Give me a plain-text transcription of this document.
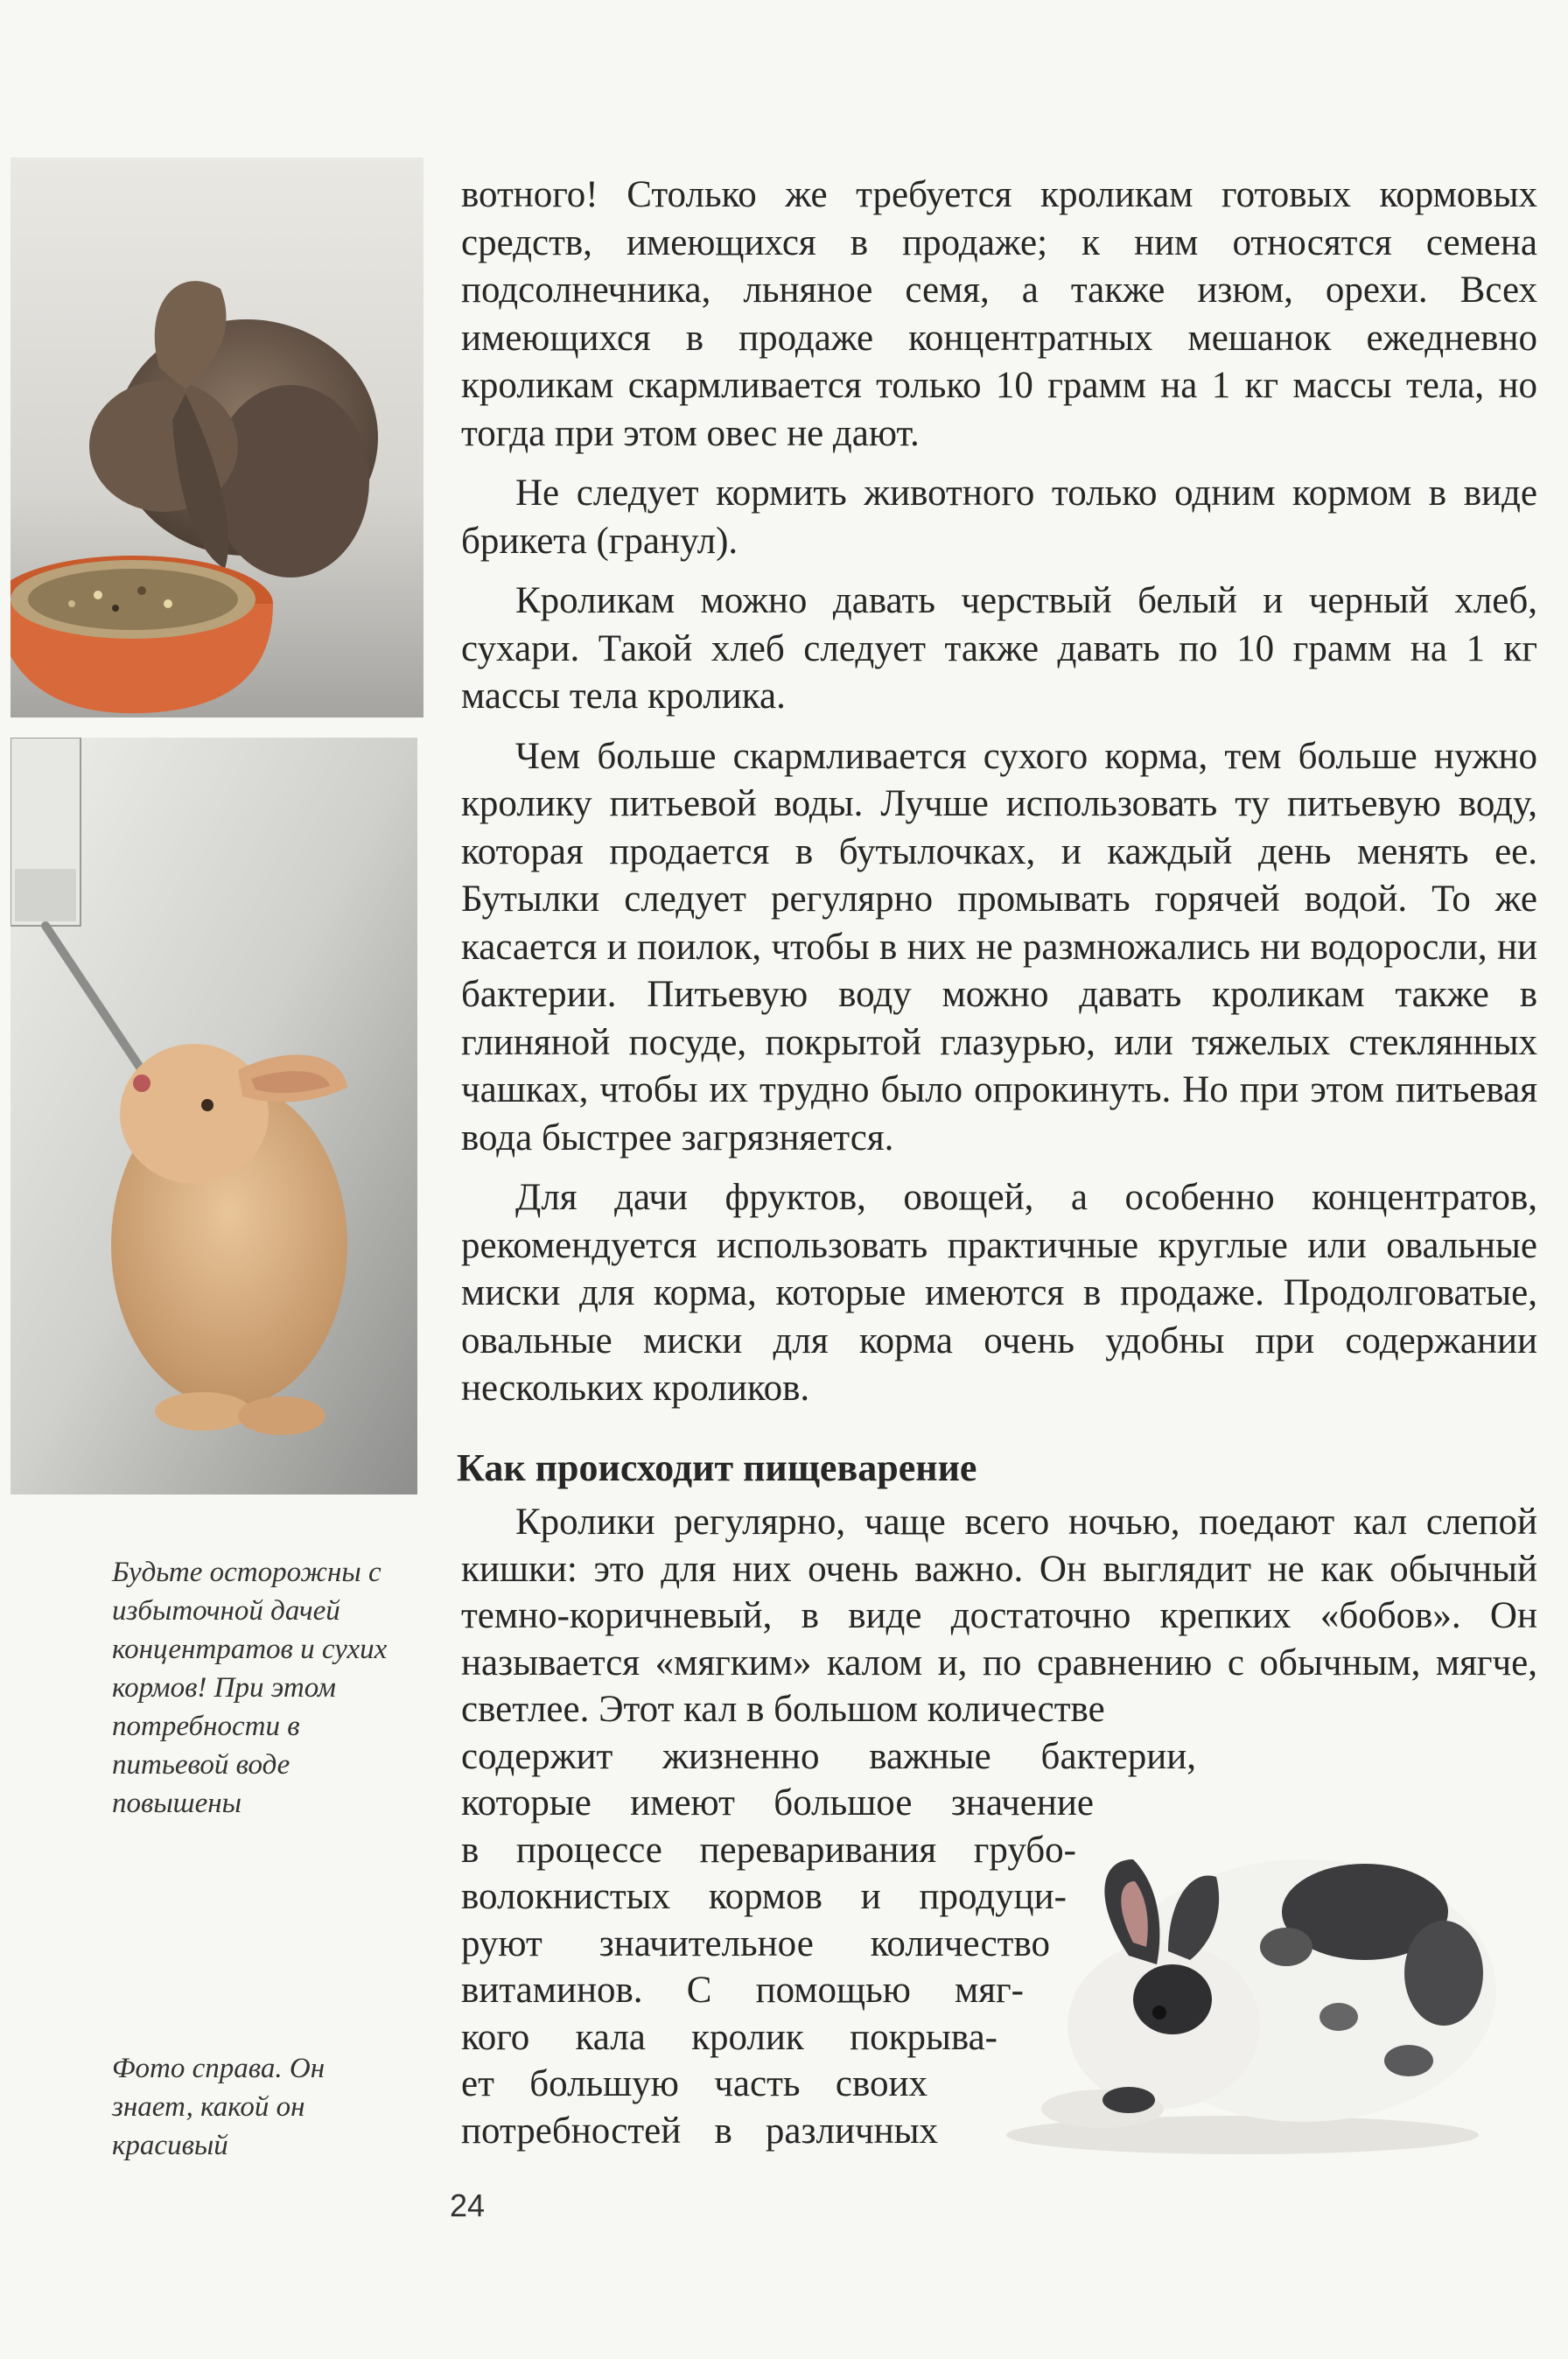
вотного! Столько же требуется кроликам готовых кормовых средств, имеющихся в продаже; к ним относятся семена подсолнечника, льняное семя, а также изюм, орехи. Всех имеющихся в продаже концентратных мешанок ежедневно кроликам скармливается только 10 грамм на 1 кг массы тела, но тогда при этом овес не дают.

Не следует кормить животного только одним кормом в виде брикета (гранул).

Кроликам можно давать черствый белый и черный хлеб, сухари. Такой хлеб следует также давать по 10 грамм на 1 кг массы тела кролика.

Чем больше скармливается сухого корма, тем больше нужно кролику питьевой воды. Лучше использовать ту питьевую воду, которая продается в бутылочках, и каждый день менять ее. Бутылки следует регулярно промывать горячей водой. То же касается и поилок, чтобы в них не размножались ни водоросли, ни бактерии. Питьевую воду можно давать кроликам также в глиняной посуде, покрытой глазурью, или тяжелых стеклянных чашках, чтобы их трудно было опрокинуть. Но при этом питьевая вода быстрее загрязняется.

Для дачи фруктов, овощей, а особенно концентратов, рекомендуется использовать практичные круглые или овальные миски для корма, которые имеются в продаже. Продолговатые, овальные миски для корма очень удобны при содержании нескольких кроликов.

Как происходит пищеварение

Кролики регулярно, чаще всего ночью, поедают кал слепой кишки: это для них очень важно. Он выглядит не как обычный темно-коричневый, в виде достаточно крепких «бобов». Он называется «мягким» калом и, по сравнению с обычным, мягче, светлее. Этот кал в большом количестве

содержит жизненно важные бактерии,
которые имеют большое значение
в процессе переваривания грубо-
волокнистых кормов и продуци-
руют значительное количество
витаминов. С помощью мяг-
кого кала кролик покрыва-
ет большую часть своих
потребностей в различных
Будьте осторожны с избыточной дачей концентратов и сухих кормов! При этом потребности в питьевой воде повышены
Фото справа. Он знает, какой он красивый
24
